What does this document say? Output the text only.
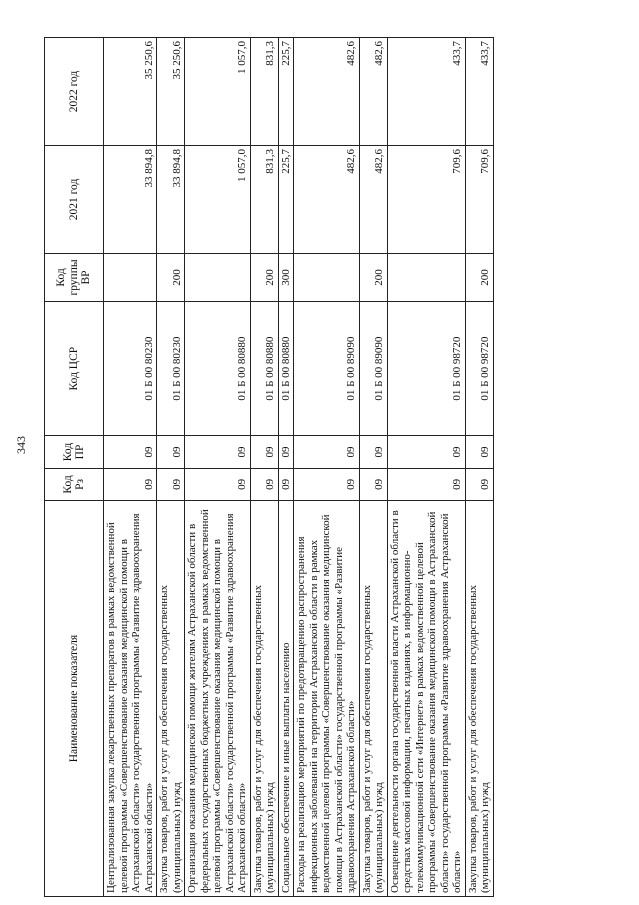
343
Наименование показателя	Код Рз	Код ПР	Код ЦСР	Код группы ВР	2021 год	2022 год
Централизованная закупка лекарственных препаратов в рамках ведомственной целевой программы «Совершенствование оказания медицинской помощи в Астраханской области» государственной программы «Развитие здравоохранения Астраханской области»	09	09	01 Б 00 80230		33 894,8	35 250,6
Закупка товаров, работ и услуг для обеспечения государственных (муниципальных) нужд	09	09	01 Б 00 80230	200	33 894,8	35 250,6
Организация оказания медицинской помощи жителям Астраханской области в федеральных государственных бюджетных учреждениях в рамках ведомственной целевой программы «Совершенствование оказания медицинской помощи в Астраханской области» государственной программы «Развитие здравоохранения Астраханской области»	09	09	01 Б 00 80880		1 057,0	1 057,0
Закупка товаров, работ и услуг для обеспечения государственных (муниципальных) нужд	09	09	01 Б 00 80880	200	831,3	831,3
Социальное обеспечение и иные выплаты населению	09	09	01 Б 00 80880	300	225,7	225,7
Расходы на реализацию мероприятий по предотвращению распространения инфекционных заболеваний на территории Астраханской области в рамках ведомственной целевой программы «Совершенствование оказания медицинской помощи в Астраханской области» государственной программы «Развитие здравоохранения Астраханской области»	09	09	01 Б 00 89090		482,6	482,6
Закупка товаров, работ и услуг для обеспечения государственных (муниципальных) нужд	09	09	01 Б 00 89090	200	482,6	482,6
Освещение деятельности органа государственной власти Астраханской области в средствах массовой информации, печатных изданиях, в информационно-телекоммуникационной сети «Интернет» в рамках ведомственной целевой программы «Совершенствование оказания медицинской помощи в Астраханской области» государственной программы «Развитие здравоохранения Астраханской области»	09	09	01 Б 00 98720		709,6	433,7
Закупка товаров, работ и услуг для обеспечения государственных (муниципальных) нужд	09	09	01 Б 00 98720	200	709,6	433,7
